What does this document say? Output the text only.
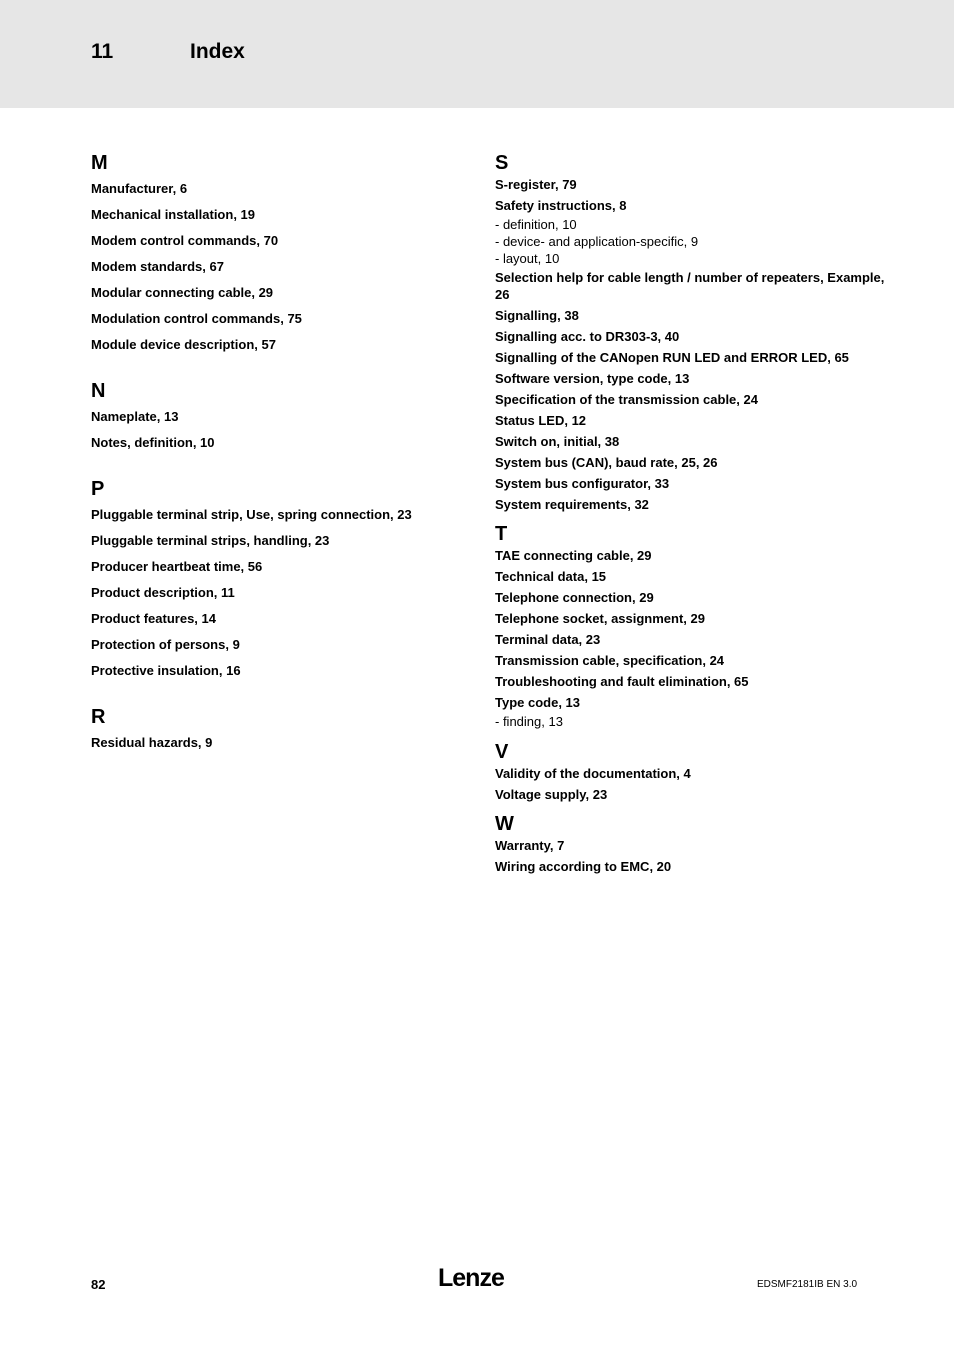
11	Index
M
Manufacturer, 6
Mechanical installation, 19
Modem control commands, 70
Modem standards, 67
Modular connecting cable, 29
Modulation control commands, 75
Module device description, 57
N
Nameplate, 13
Notes, definition, 10
P
Pluggable terminal strip, Use, spring connection, 23
Pluggable terminal strips, handling, 23
Producer heartbeat time, 56
Product description, 11
Product features, 14
Protection of persons, 9
Protective insulation, 16
R
Residual hazards, 9
S
S-register, 79
Safety instructions, 8
- definition, 10
- device- and application-specific, 9
- layout, 10
Selection help for cable length / number of repeaters, Example, 26
Signalling, 38
Signalling acc. to DR303-3, 40
Signalling of the CANopen RUN LED and ERROR LED, 65
Software version, type code, 13
Specification of the transmission cable, 24
Status LED, 12
Switch on, initial, 38
System bus (CAN), baud rate, 25, 26
System bus configurator, 33
System requirements, 32
T
TAE connecting cable, 29
Technical data, 15
Telephone connection, 29
Telephone socket, assignment, 29
Terminal data, 23
Transmission cable, specification, 24
Troubleshooting and fault elimination, 65
Type code, 13
- finding, 13
V
Validity of the documentation, 4
Voltage supply, 23
W
Warranty, 7
Wiring according to EMC, 20
82	Lenze	EDSMF2181IB EN 3.0
